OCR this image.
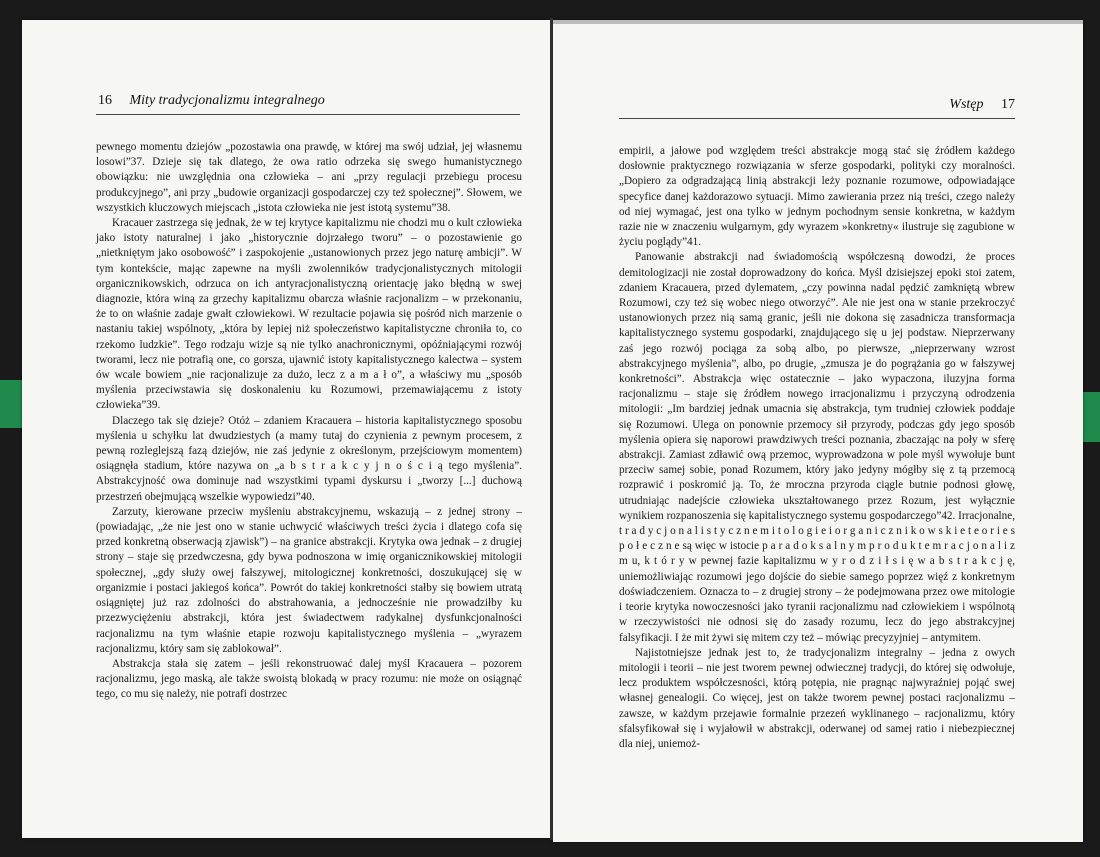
16 Mity tradycjonalizmu integralnego

pewnego momentu dziejów „pozostawia ona prawdę, w której ma swój udział, jej własnemu losowi”37. Dzieje się tak dlatego, że owa ratio odrzeka się swego humanistycznego obowiązku: nie uwzględnia ona człowieka – ani „przy regulacji przebiegu procesu produkcyjnego”, ani przy „budowie organizacji gospodarczej czy też społecznej”. Słowem, we wszystkich kluczowych miejscach „istota człowieka nie jest istotą systemu”38.

Kracauer zastrzega się jednak, że w tej krytyce kapitalizmu nie chodzi mu o kult człowieka jako istoty naturalnej i jako „historycznie dojrzałego tworu” – o pozostawienie go „nietkniętym jako osobowość” i zaspokojenie „ustanowionych przez jego naturę ambicji”. W tym kontekście, mając zapewne na myśli zwolenników tradycjonalistycznych mitologii organicznikowskich, odrzuca on ich antyracjonalistyczną orientację jako błędną w swej diagnozie, która winą za grzechy kapitalizmu obarcza właśnie racjonalizm – w przekonaniu, że to on właśnie zadaje gwałt człowiekowi. W rezultacie pojawia się pośród nich marzenie o nastaniu takiej wspólnoty, „która by lepiej niż społeczeństwo kapitalistyczne chroniła to, co rzekomo ludzkie”. Tego rodzaju wizje są nie tylko anachronicznymi, opóźniającymi rozwój tworami, lecz nie potrafią one, co gorsza, ujawnić istoty kapitalistycznego kalectwa – system ów wcale bowiem „nie racjonalizuje za dużo, lecz z a m a ł o”, a właściwy mu „sposób myślenia przeciwstawia się doskonaleniu ku Rozumowi, przemawiającemu z istoty człowieka”39.

Dlaczego tak się dzieje? Otóż – zdaniem Kracauera – historia kapitalistycznego sposobu myślenia u schyłku lat dwudziestych (a mamy tutaj do czynienia z pewnym procesem, z pewną rozleglejszą fazą dziejów, nie zaś jedynie z określonym, przejściowym momentem) osiągnęła stadium, które nazywa on „a b s t r a k c y j n o ś c i ą tego myślenia”. Abstrakcyjność owa dominuje nad wszystkimi typami dyskursu i „tworzy [...] duchową przestrzeń obejmującą wszelkie wypowiedzi”40.

Zarzuty, kierowane przeciw myśleniu abstrakcyjnemu, wskazują – z jednej strony – (powiadając, „że nie jest ono w stanie uchwycić właściwych treści życia i dlatego cofa się przed konkretną obserwacją zjawisk”) – na granice abstrakcji. Krytyka owa jednak – z drugiej strony – staje się przedwczesna, gdy bywa podnoszona w imię organicznikowskiej mitologii społecznej, „gdy służy owej fałszywej, mitologicznej konkretności, doszukującej się w organizmie i postaci jakiegoś końca”. Powrót do takiej konkretności stałby się bowiem utratą osiągniętej już raz zdolności do abstrahowania, a jednocześnie nie prowadziłby ku przezwyciężeniu abstrakcji, która jest świadectwem radykalnej dysfunkcjonalności racjonalizmu na tym właśnie etapie rozwoju kapitalistycznego myślenia – „wyrazem racjonalizmu, który sam się zablokował”.

Abstrakcja stała się zatem – jeśli rekonstruować dalej myśl Kracauera – pozorem racjonalizmu, jego maską, ale także swoistą blokadą w pracy rozumu: nie może on osiągnąć tego, co mu się należy, nie potrafi dostrzec

Wstęp 17

empirii, a jałowe pod względem treści abstrakcje mogą stać się źródłem każdego dosłownie praktycznego rozwiązania w sferze gospodarki, polityki czy moralności. „Dopiero za odgradzającą linią abstrakcji leży poznanie rozumowe, odpowiadające specyfice danej każdorazowo sytuacji. Mimo zawierania przez nią treści, czego należy od niej wymagać, jest ona tylko w jednym pochodnym sensie konkretna, w każdym razie nie w znaczeniu wulgarnym, gdy wyrazem »konkretny« ilustruje się zagubione w życiu poglądy”41.

Panowanie abstrakcji nad świadomością współczesną dowodzi, że proces demitologizacji nie został doprowadzony do końca. Myśl dzisiejszej epoki stoi zatem, zdaniem Kracauera, przed dylematem, „czy powinna nadal pędzić zamkniętą wbrew Rozumowi, czy też się wobec niego otworzyć”. Ale nie jest ona w stanie przekroczyć ustanowionych przez nią samą granic, jeśli nie dokona się zasadnicza transformacja kapitalistycznego systemu gospodarki, znajdującego się u jej podstaw. Nieprzerwany zaś jego rozwój pociąga za sobą albo, po pierwsze, „nieprzerwany wzrost abstrakcyjnego myślenia”, albo, po drugie, „zmusza je do pogrążania go w fałszywej konkretności”. Abstrakcja więc ostatecznie – jako wypaczona, iluzyjna forma racjonalizmu – staje się źródłem nowego irracjonalizmu i przyczyną odrodzenia mitologii: „Im bardziej jednak umacnia się abstrakcja, tym trudniej człowiek poddaje się Rozumowi. Ulega on ponownie przemocy sił przyrody, podczas gdy jego sposób myślenia opiera się naporowi prawdziwych treści poznania, zbaczając na poły w sferę abstrakcji. Zamiast zdławić ową przemoc, wyprowadzona w pole myśl wywołuje bunt przeciw samej sobie, ponad Rozumem, który jako jedyny mógłby się z tą przemocą rozprawić i poskromić ją. To, że mroczna przyroda ciągle butnie podnosi głowę, utrudniając nadejście człowieka ukształtowanego przez Rozum, jest wyłącznie wynikiem rozpanoszenia się kapitalistycznego systemu gospodarczego”42. Irracjonalne, t r a d y c j o n a l i s t y c z n e m i t o l o g i e i o r g a n i c z n i k o w s k i e t e o r i e s p o ł e c z n e są więc w istocie p a r a d o k s a l n y m p r o d u k t e m r a c j o n a l i z m u, k t ó r y w pewnej fazie kapitalizmu w y r o d z i ł s i ę w a b s t r a k c j ę, uniemożliwiając rozumowi jego dojście do siebie samego poprzez więź z konkretnym doświadczeniem. Oznacza to – z drugiej strony – że podejmowana przez owe mitologie i teorie krytyka nowoczesności jako tyranii racjonalizmu nad człowiekiem i wspólnotą w rzeczywistości nie odnosi się do zasady rozumu, lecz do jego abstrakcyjnej falsyfikacji. I że mit żywi się mitem czy też – mówiąc precyzyjniej – antymitem.

Najistotniejsze jednak jest to, że tradycjonalizm integralny – jedna z owych mitologii i teorii – nie jest tworem pewnej odwiecznej tradycji, do której się odwołuje, lecz produktem współczesności, którą potępia, nie pragnąc najwyraźniej pojąć swej własnej genealogii. Co więcej, jest on także tworem pewnej postaci racjonalizmu – zawsze, w każdym przejawie formalnie przezeń wyklinanego – racjonalizmu, który sfalsyfikował się i wyjałowił w abstrakcji, oderwanej od samej ratio i niebezpiecznej dla niej, uniemoż-
